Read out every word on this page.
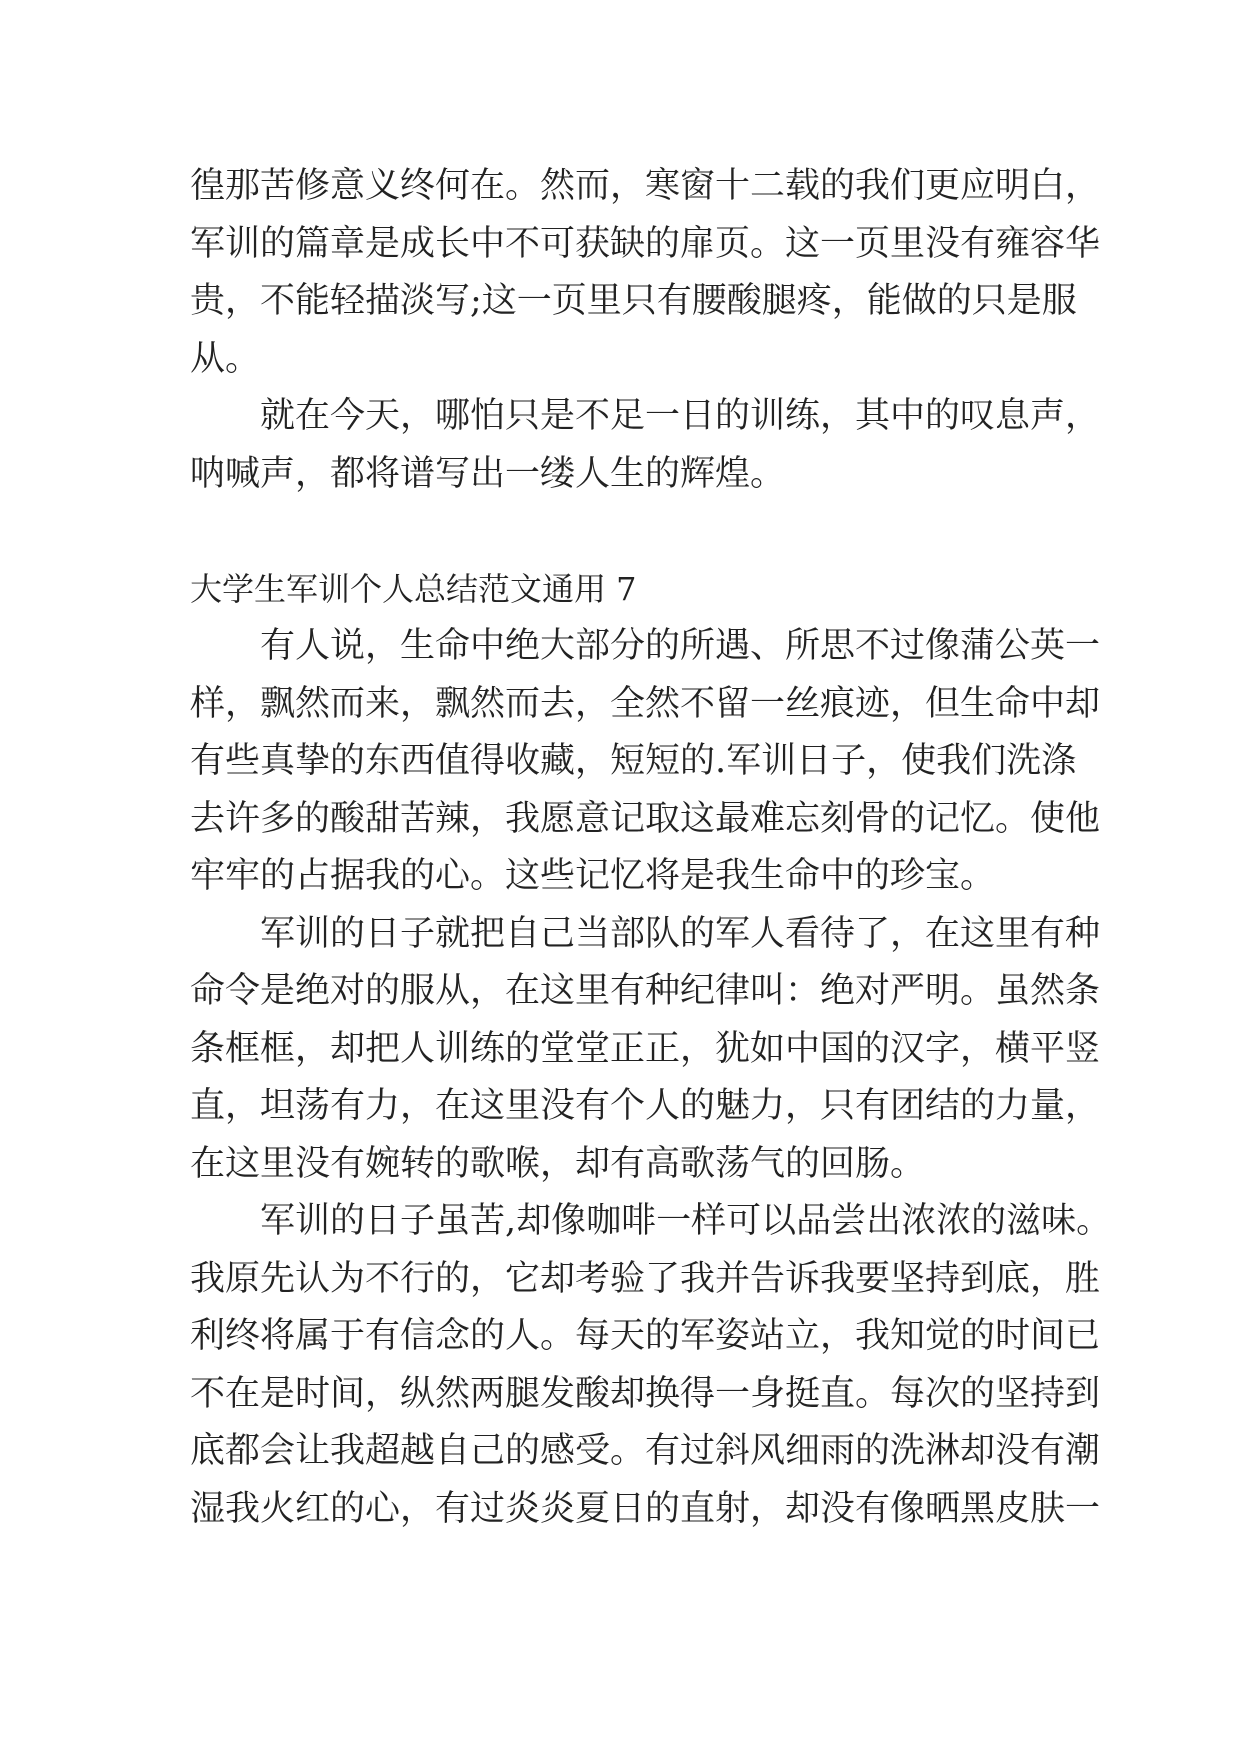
徨那苦修意义终何在。然而，寒窗十二载的我们更应明白，
军训的篇章是成长中不可获缺的扉页。这一页里没有雍容华
贵，不能轻描淡写;这一页里只有腰酸腿疼，能做的只是服
从。
就在今天，哪怕只是不足一日的训练，其中的叹息声，
呐喊声，都将谱写出一缕人生的辉煌。
大学生军训个人总结范文通用 7
有人说，生命中绝大部分的所遇、所思不过像蒲公英一
样，飘然而来，飘然而去，全然不留一丝痕迹，但生命中却
有些真挚的东西值得收藏，短短的.军训日子，使我们洗涤
去许多的酸甜苦辣，我愿意记取这最难忘刻骨的记忆。使他
牢牢的占据我的心。这些记忆将是我生命中的珍宝。
军训的日子就把自己当部队的军人看待了，在这里有种
命令是绝对的服从，在这里有种纪律叫：绝对严明。虽然条
条框框，却把人训练的堂堂正正，犹如中国的汉字，横平竖
直，坦荡有力，在这里没有个人的魅力，只有团结的力量，
在这里没有婉转的歌喉，却有高歌荡气的回肠。
军训的日子虽苦,却像咖啡一样可以品尝出浓浓的滋味。
我原先认为不行的，它却考验了我并告诉我要坚持到底，胜
利终将属于有信念的人。每天的军姿站立，我知觉的时间已
不在是时间，纵然两腿发酸却换得一身挺直。每次的坚持到
底都会让我超越自己的感受。有过斜风细雨的洗淋却没有潮
湿我火红的心，有过炎炎夏日的直射，却没有像晒黑皮肤一
